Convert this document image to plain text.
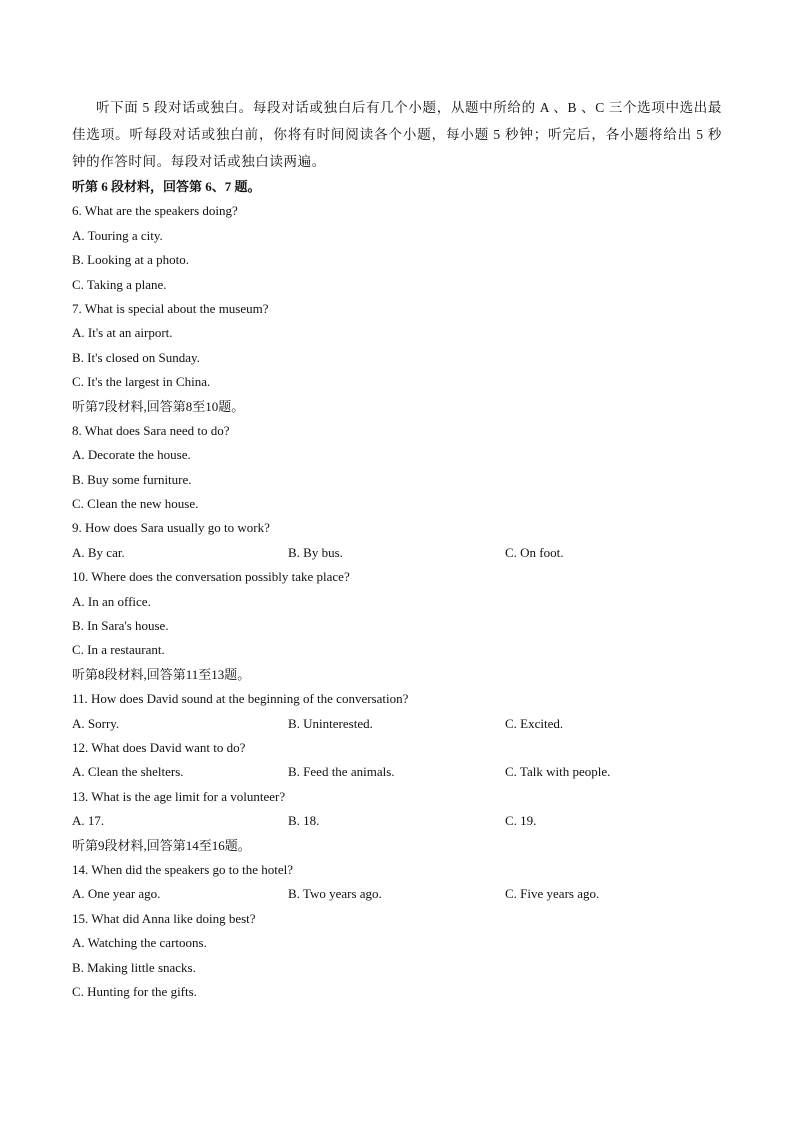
听下面 5 段对话或独白。每段对话或独白后有几个小题，从题中所给的 A 、B 、C 三个选项中选出最佳选项。听每段对话或独白前，你将有时间阅读各个小题，每小题 5 秒钟；听完后，各小题将给出 5 秒钟的作答时间。每段对话或独白读两遍。

听第 6 段材料，回答第 6、7 题。
6. What are the speakers doing?
A. Touring a city.
B. Looking at a photo.
C. Taking a plane.
7. What is special about the museum?
A. It's at an airport.
B. It's closed on Sunday.
C. It's the largest in China.
听第7段材料,回答第8至10题。
8. What does Sara need to do?
A. Decorate the house.
B. Buy some furniture.
C. Clean the new house.
9. How does Sara usually go to work?
A. By car.	B. By bus.	C. On foot.
10. Where does the conversation possibly take place?
A. In an office.
B. In Sara's house.
C. In a restaurant.
听第8段材料,回答第11至13题。
11. How does David sound at the beginning of the conversation?
A. Sorry.	B. Uninterested.	C. Excited.
12. What does David want to do?
A. Clean the shelters.	B. Feed the animals.	C. Talk with people.
13. What is the age limit for a volunteer?
A. 17.	B. 18.	C. 19.
听第9段材料,回答第14至16题。
14. When did the speakers go to the hotel?
A. One year ago.	B. Two years ago.	C. Five years ago.
15. What did Anna like doing best?
A. Watching the cartoons.
B. Making little snacks.
C. Hunting for the gifts.
